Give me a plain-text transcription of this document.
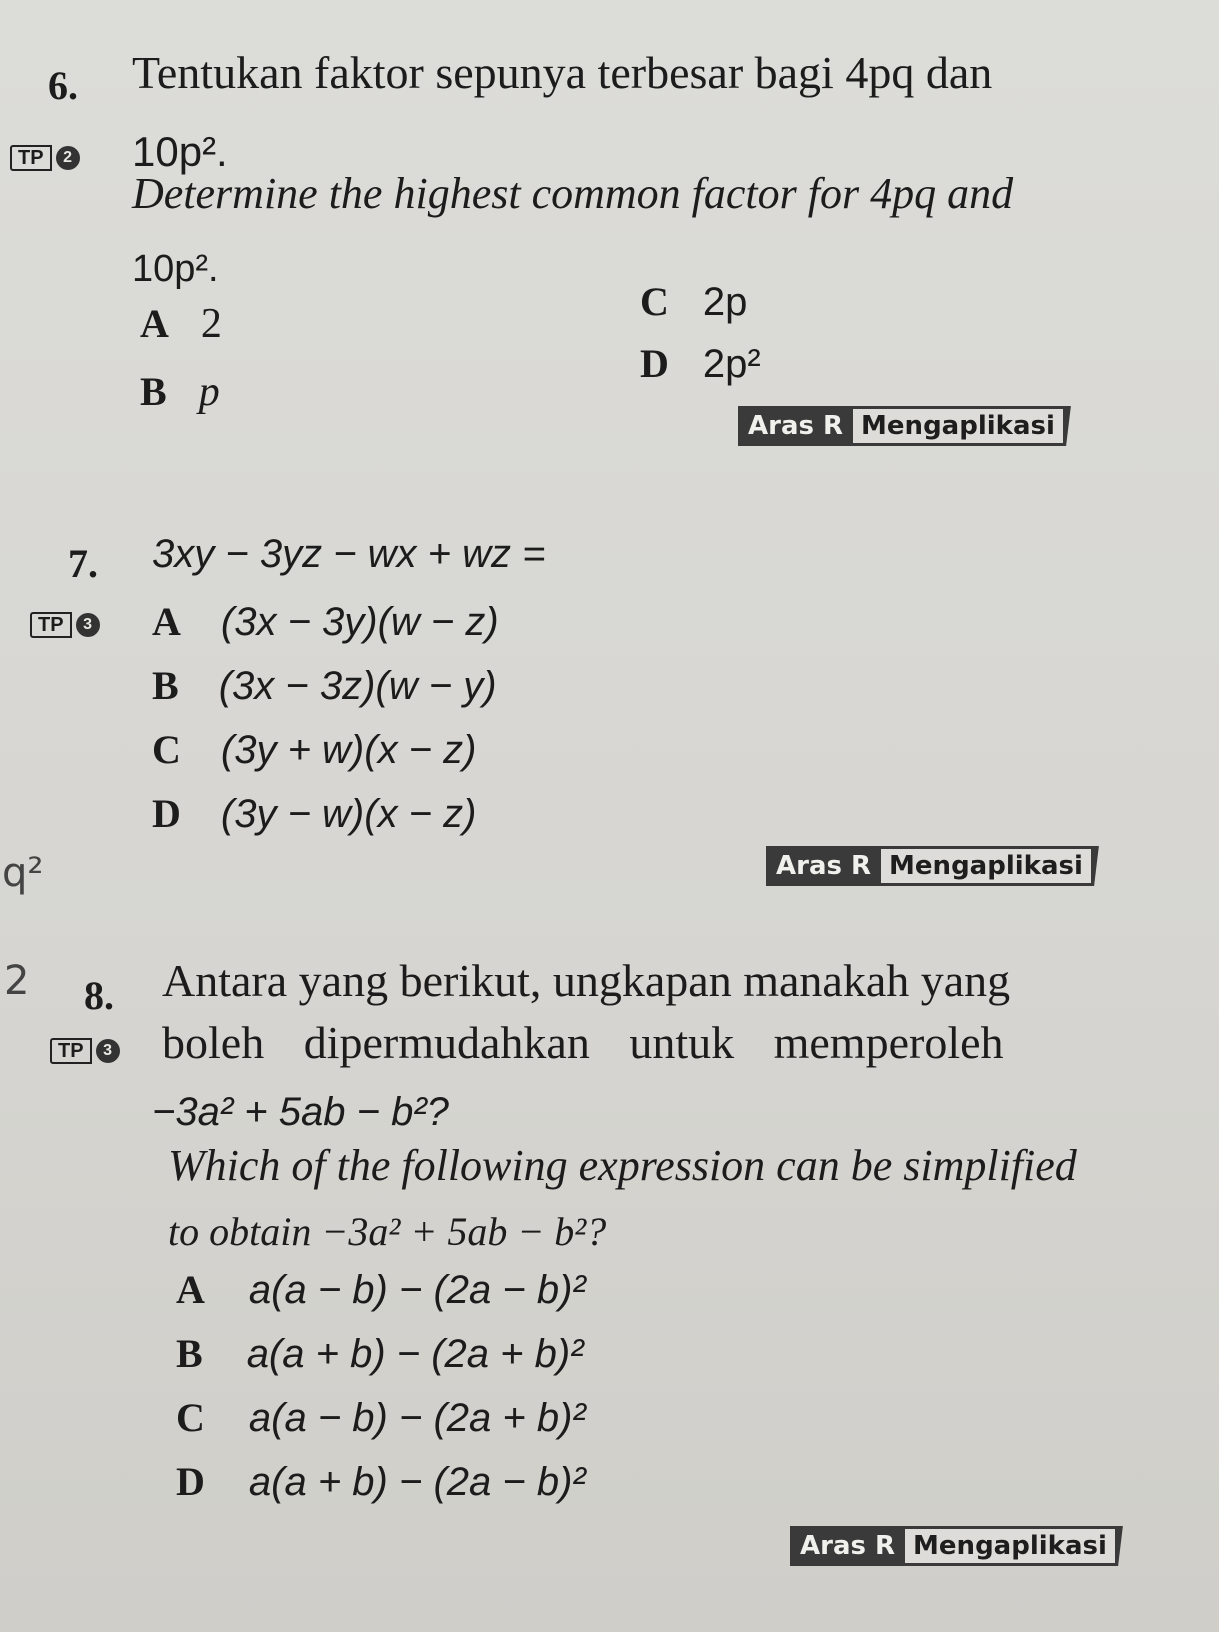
6. Tentukan faktor sepunya terbesar bagi 4pq dan
TP	2 10p².
Determine the highest common factor for 4pq and
10p².
A 2
B p
C 2p
D 2p²
Aras R Mengaplikasi
7. 3xy − 3yz − wx + wz =
TP	3 A (3x − 3y)(w − z)
B (3x − 3z)(w − y)
C (3y + w)(x − z)
D (3y − w)(x − z)
q²	Aras R Mengaplikasi
2 8. Antara yang berikut, ungkapan manakah yang
TP	3 boleh dipermudahkan untuk memperoleh
−3a² + 5ab − b²?
Which of the following expression can be simplified
to obtain −3a² + 5ab − b²?
A a(a − b) − (2a − b)²
B a(a + b) − (2a + b)²
C a(a − b) − (2a + b)²
D a(a + b) − (2a − b)²
Aras R Mengaplikasi
